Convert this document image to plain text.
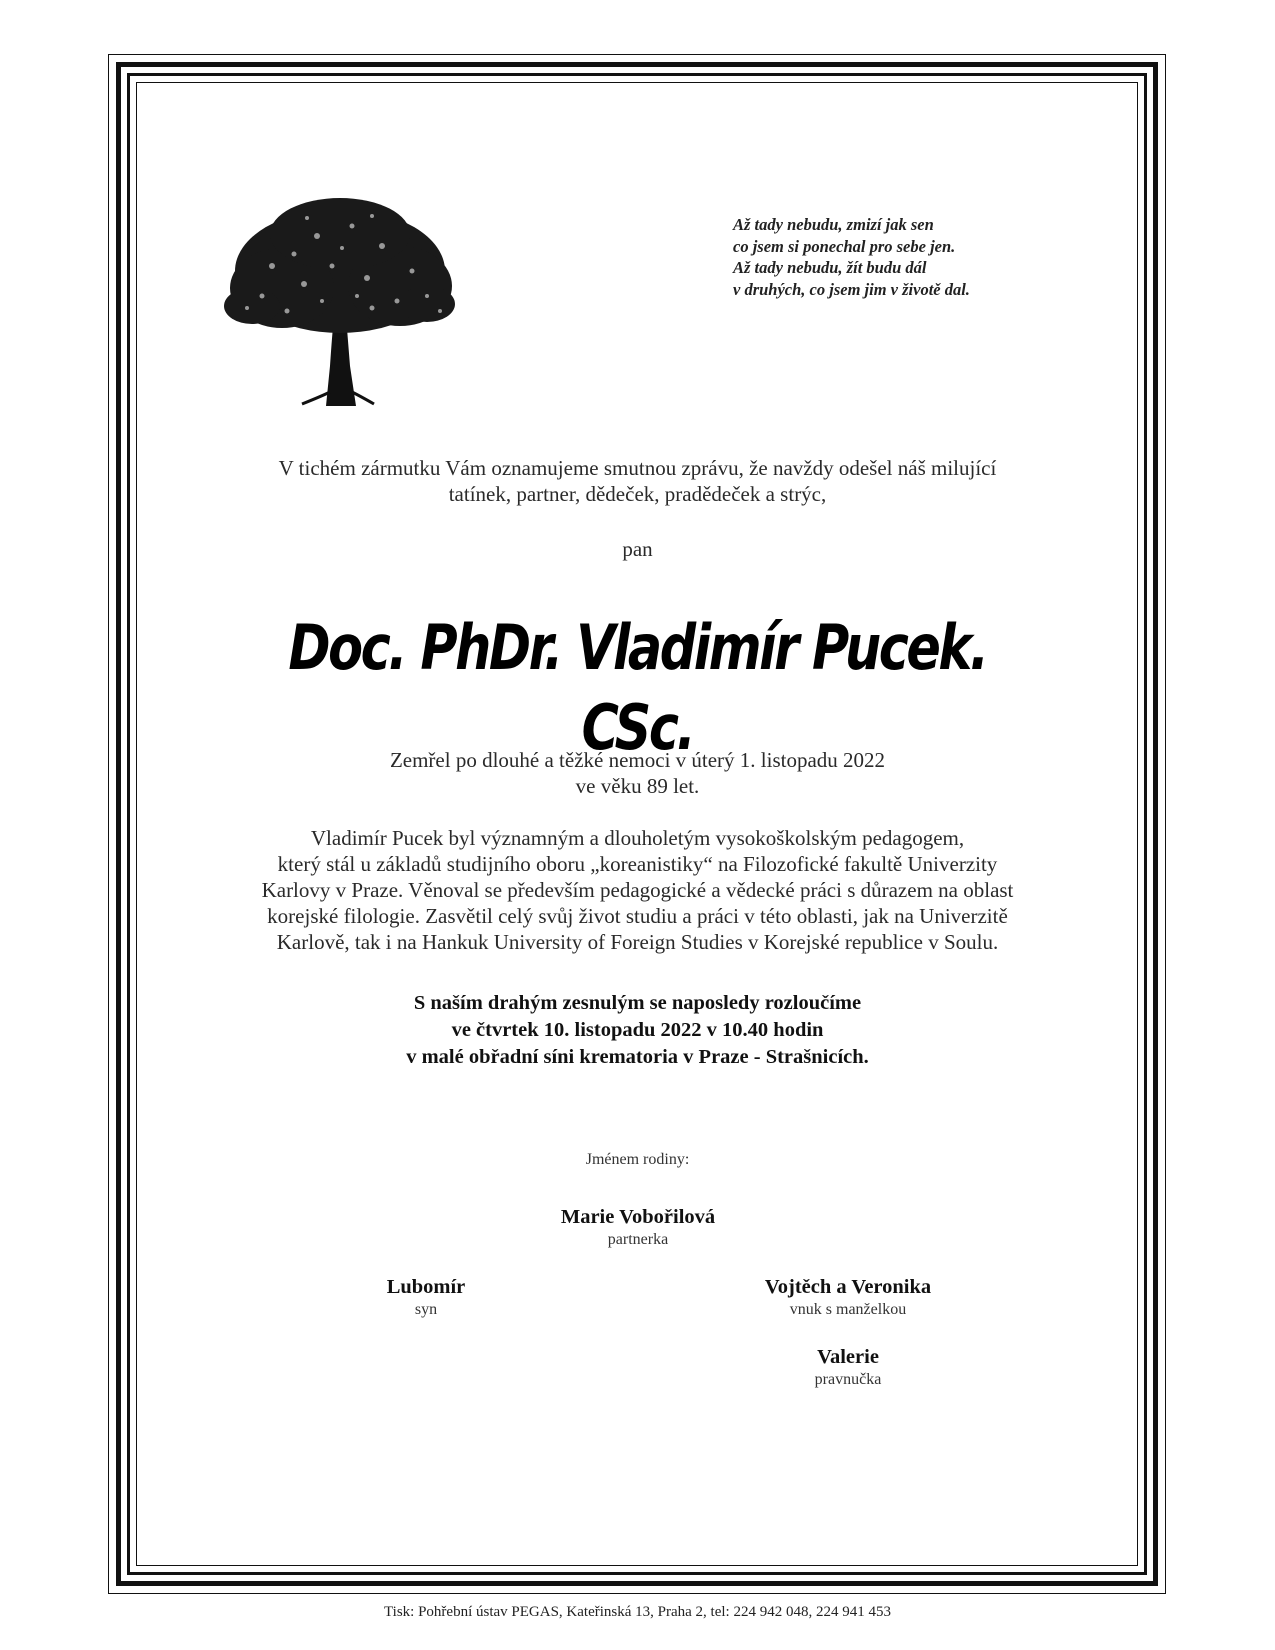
Až tady nebudu, zmizí jak sen
co jsem si ponechal pro sebe jen.
Až tady nebudu, žít budu dál
v druhých, co jsem jim v životě dal.
V tichém zármutku Vám oznamujeme smutnou zprávu, že navždy odešel náš milující
tatínek, partner, dědeček, pradědeček a strýc,
pan
Doc. PhDr. Vladimír Pucek. CSc.
Zemřel po dlouhé a těžké nemoci v úterý 1. listopadu 2022
ve věku 89 let.
Vladimír Pucek byl významným a dlouholetým vysokoškolským pedagogem,
který stál u základů studijního oboru „koreanistiky“ na Filozofické fakultě Univerzity
Karlovy v Praze. Věnoval se především pedagogické a vědecké práci s důrazem na oblast
korejské filologie. Zasvětil celý svůj život studiu a práci v této oblasti, jak na Univerzitě
Karlově, tak i na Hankuk University of Foreign Studies v Korejské republice v Soulu.
S naším drahým zesnulým se naposledy rozloučíme
ve čtvrtek 10. listopadu 2022 v 10.40 hodin
v malé obřadní síni krematoria v Praze - Strašnicích.
Jménem rodiny:
Marie Vobořilová
partnerka
Lubomír
syn
Vojtěch a Veronika
vnuk s manželkou
Valerie
pravnučka
Tisk: Pohřební ústav PEGAS, Kateřinská 13, Praha 2, tel: 224 942 048, 224 941 453
